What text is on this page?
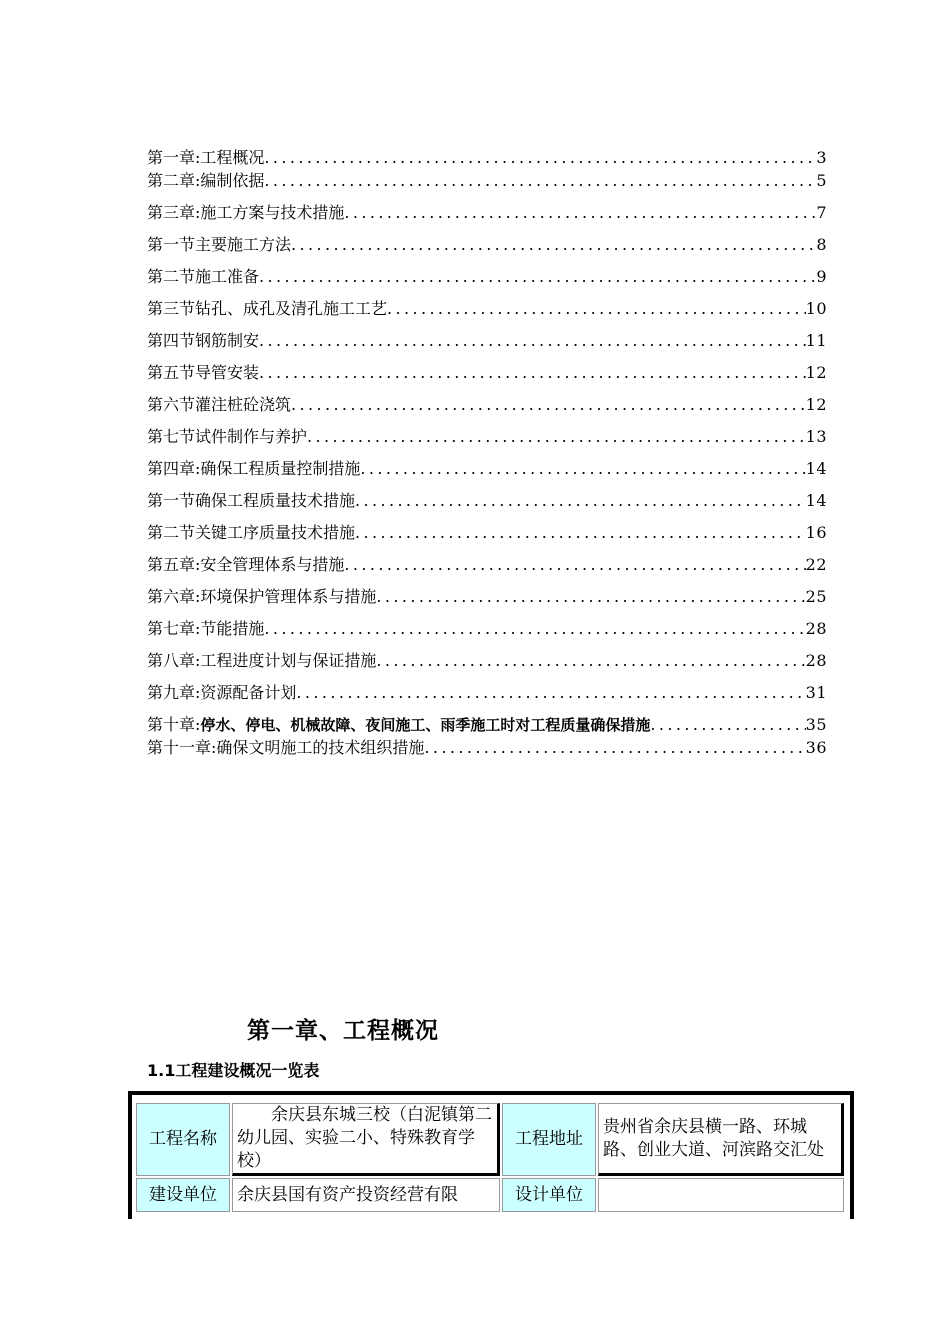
第一章:工程概况 .....	3
第二章:编制依据 .....	5
第三章:施工方案与技术措施 .....	7
第一节主要施工方法 .....	8
第二节施工准备 .....	9
第三节钻孔、成孔及清孔施工工艺 .....	10
第四节钢筋制安 .....	11
第五节导管安装 .....	12
第六节灌注桩砼浇筑 .....	12
第七节试件制作与养护 .....	13
第四章:确保工程质量控制措施 .....	14
第一节确保工程质量技术措施 .....	14
第二节关键工序质量技术措施 .....	16
第五章:安全管理体系与措施 .....	22
第六章:环境保护管理体系与措施 .....	25
第七章:节能措施 .....	28
第八章:工程进度计划与保证措施 .....	28
第九章:资源配备计划 .....	31
第十章: 停水、停电、机械故障、夜间施工、雨季施工时对工程质量确保措施 .....	35
第十一章:确保文明施工的技术组织措施 .....	36
第一章、工程概况
1.1工程建设概况一览表
工程名称	余庆县东城三校（白泥镇第二幼儿园、实验二小、特殊教育学校）	工程地址	贵州省余庆县横一路、环城路、创业大道、河滨路交汇处
建设单位	余庆县国有资产投资经营有限	设计单位	
